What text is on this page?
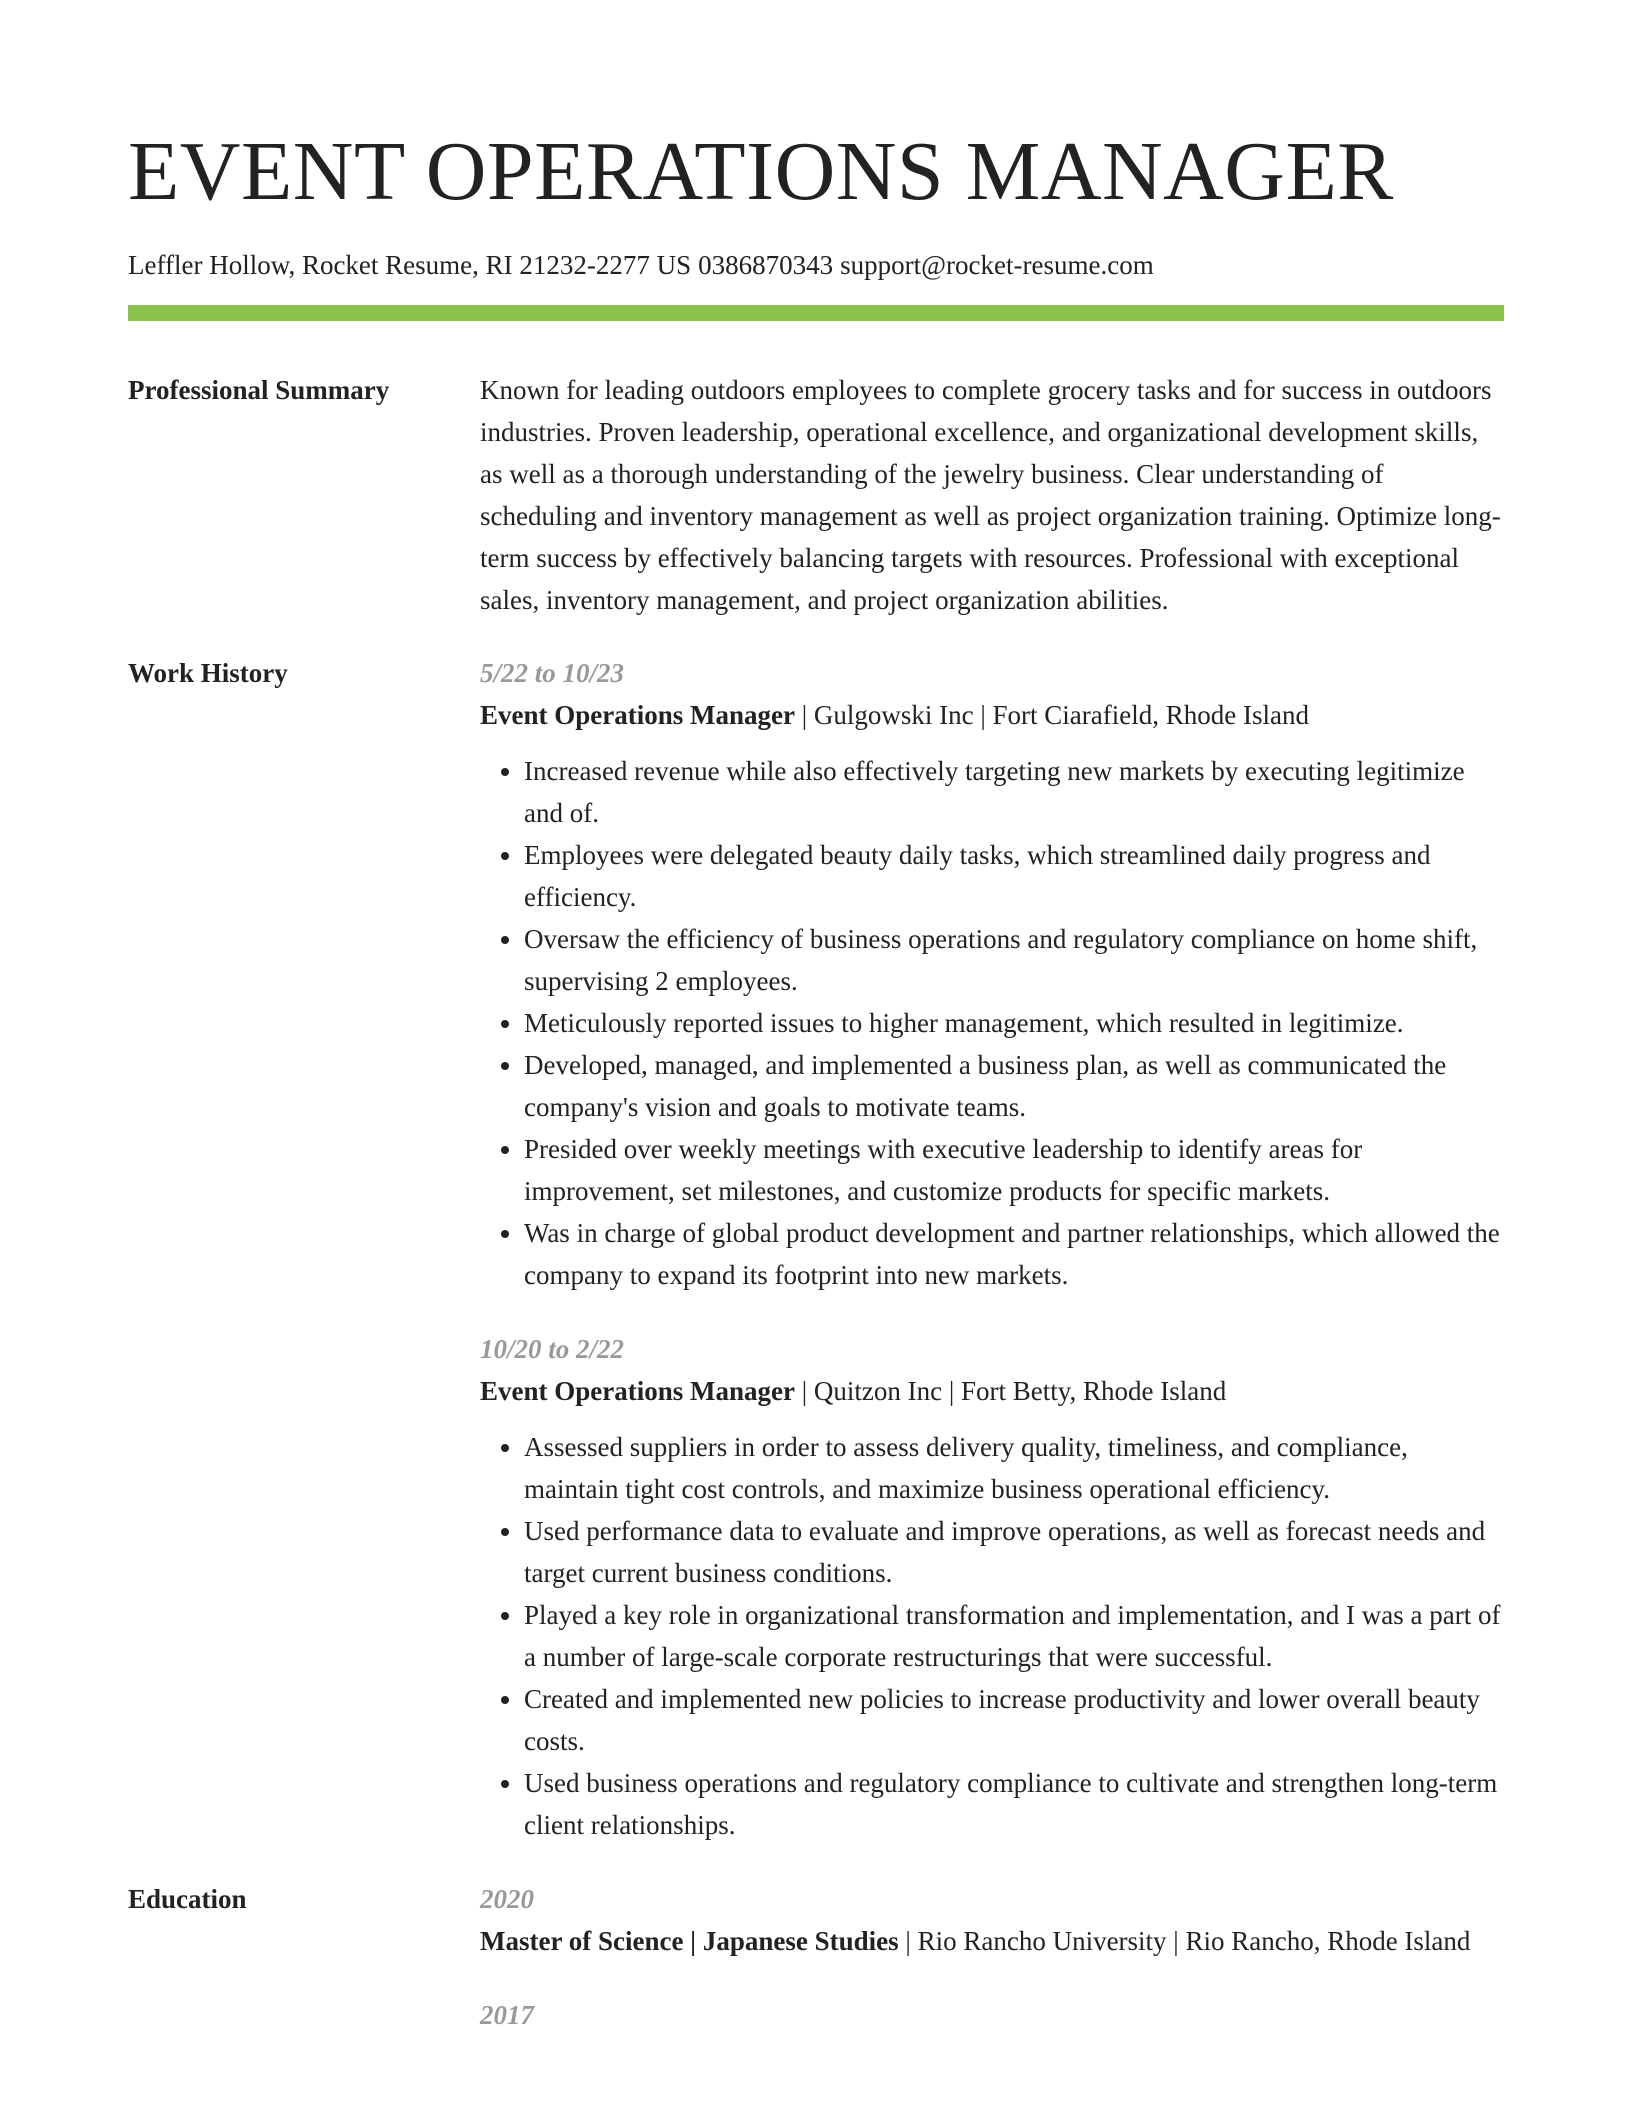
EVENT OPERATIONS MANAGER
Leffler Hollow, Rocket Resume, RI 21232-2277 US 0386870343 support@rocket-resume.com
Professional Summary	Known for leading outdoors employees to complete grocery tasks and for success in outdoors industries. Proven leadership, operational excellence, and organizational development skills, as well as a thorough understanding of the jewelry business. Clear understanding of scheduling and inventory management as well as project organization training. Optimize long-term success by effectively balancing targets with resources. Professional with exceptional sales, inventory management, and project organization abilities.

Work History	5/22 to 10/23
Event Operations Manager | Gulgowski Inc | Fort Ciarafield, Rhode Island
• Increased revenue while also effectively targeting new markets by executing legitimize and of.
• Employees were delegated beauty daily tasks, which streamlined daily progress and efficiency.
• Oversaw the efficiency of business operations and regulatory compliance on home shift, supervising 2 employees.
• Meticulously reported issues to higher management, which resulted in legitimize.
• Developed, managed, and implemented a business plan, as well as communicated the company's vision and goals to motivate teams.
• Presided over weekly meetings with executive leadership to identify areas for improvement, set milestones, and customize products for specific markets.
• Was in charge of global product development and partner relationships, which allowed the company to expand its footprint into new markets.
10/20 to 2/22
Event Operations Manager | Quitzon Inc | Fort Betty, Rhode Island
• Assessed suppliers in order to assess delivery quality, timeliness, and compliance, maintain tight cost controls, and maximize business operational efficiency.
• Used performance data to evaluate and improve operations, as well as forecast needs and target current business conditions.
• Played a key role in organizational transformation and implementation, and I was a part of a number of large-scale corporate restructurings that were successful.
• Created and implemented new policies to increase productivity and lower overall beauty costs.
• Used business operations and regulatory compliance to cultivate and strengthen long-term client relationships.
Education	2020
Master of Science | Japanese Studies | Rio Rancho University | Rio Rancho, Rhode Island
2017
